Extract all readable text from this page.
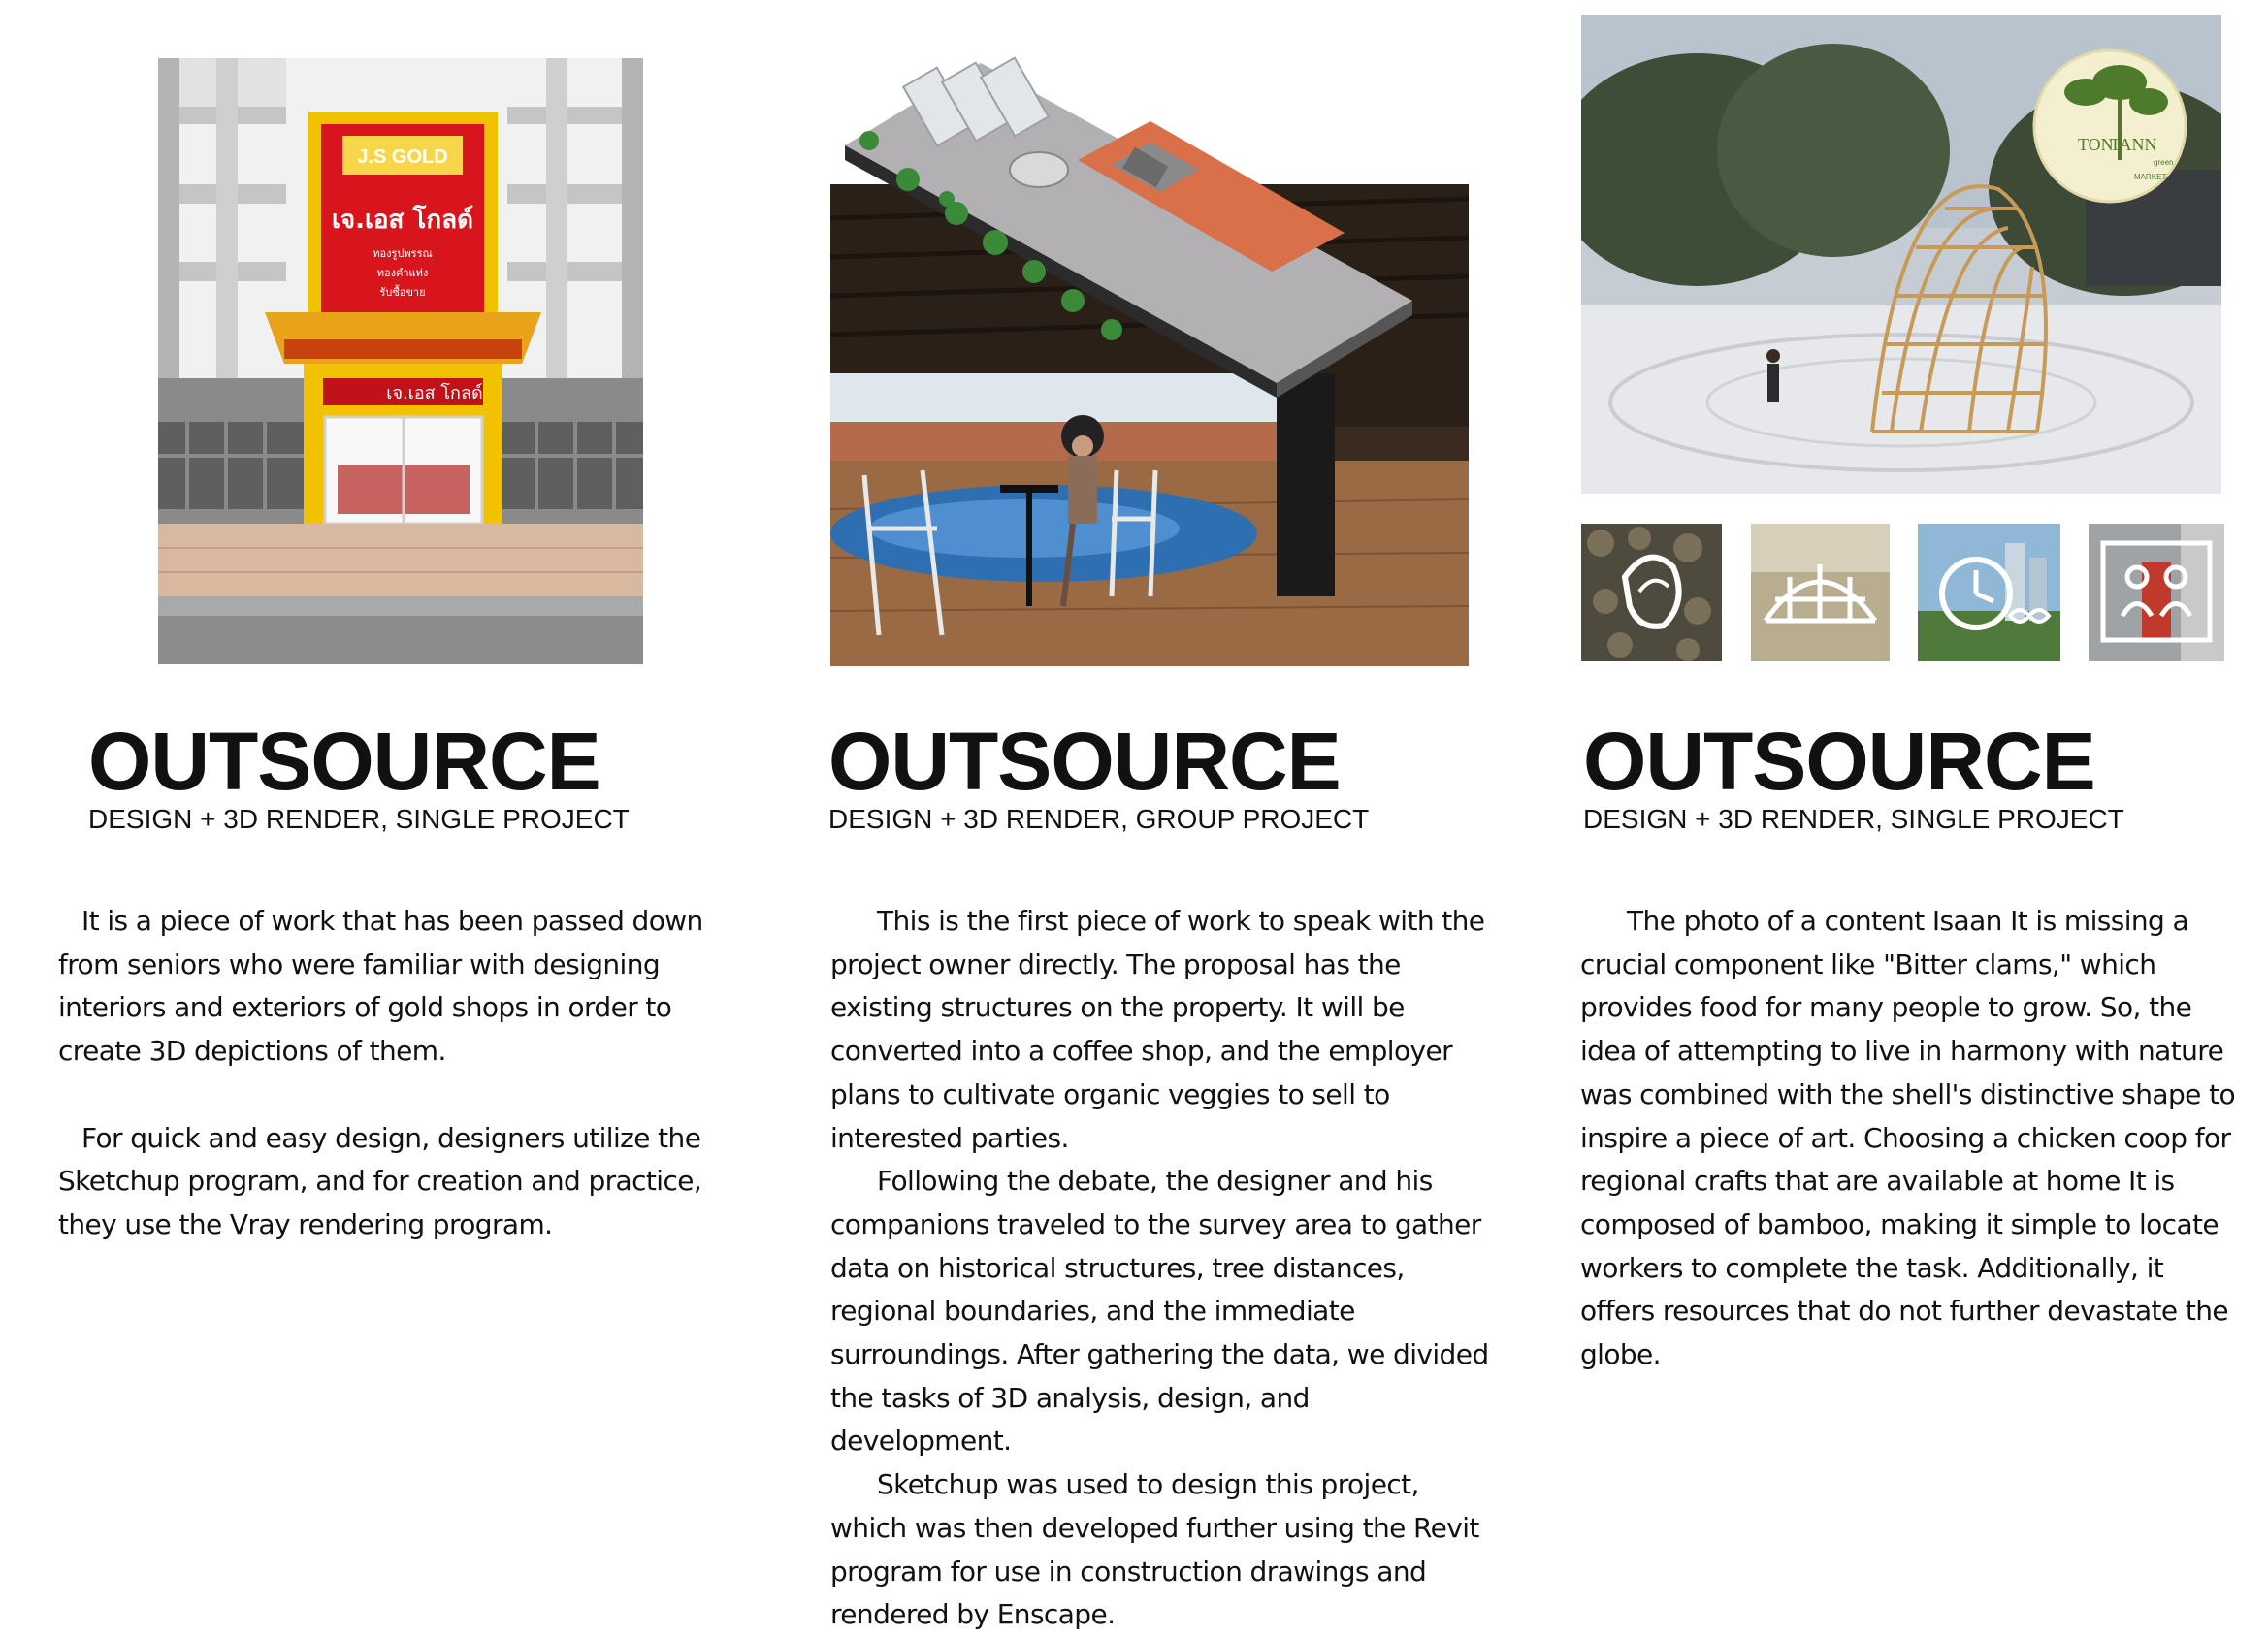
J.S GOLD
เจ.เอส โกลด์
ทองรูปพรรณ
ทองคำแท่ง
รับซื้อขาย
เจ.เอส โกลด์
TON
TANN
green
MARKET
OUTSOURCE
DESIGN + 3D RENDER, SINGLE PROJECT
OUTSOURCE
DESIGN + 3D RENDER, GROUP PROJECT
OUTSOURCE
DESIGN + 3D RENDER, SINGLE PROJECT

It is a piece of work that has been passed down from seniors who were familiar with designing interiors and exteriors of gold shops in order to create 3D depictions of them.

For quick and easy design, designers utilize the Sketchup program, and for creation and practice, they use the Vray rendering program.

This is the first piece of work to speak with the project owner directly. The proposal has the existing structures on the property. It will be converted into a coffee shop, and the employer plans to cultivate organic veggies to sell to interested parties.

Following the debate, the designer and his companions traveled to the survey area to gather data on historical structures, tree distances, regional boundaries, and the immediate surroundings. After gathering the data, we divided the tasks of 3D analysis, design, and development.

Sketchup was used to design this project, which was then developed further using the Revit program for use in construction drawings and rendered by Enscape.

The photo of a content Isaan It is missing a crucial component like "Bitter clams," which provides food for many people to grow. So, the idea of attempting to live in harmony with nature was combined with the shell's distinctive shape to inspire a piece of art. Choosing a chicken coop for regional crafts that are available at home It is composed of bamboo, making it simple to locate workers to complete the task. Additionally, it offers resources that do not further devastate the globe.
